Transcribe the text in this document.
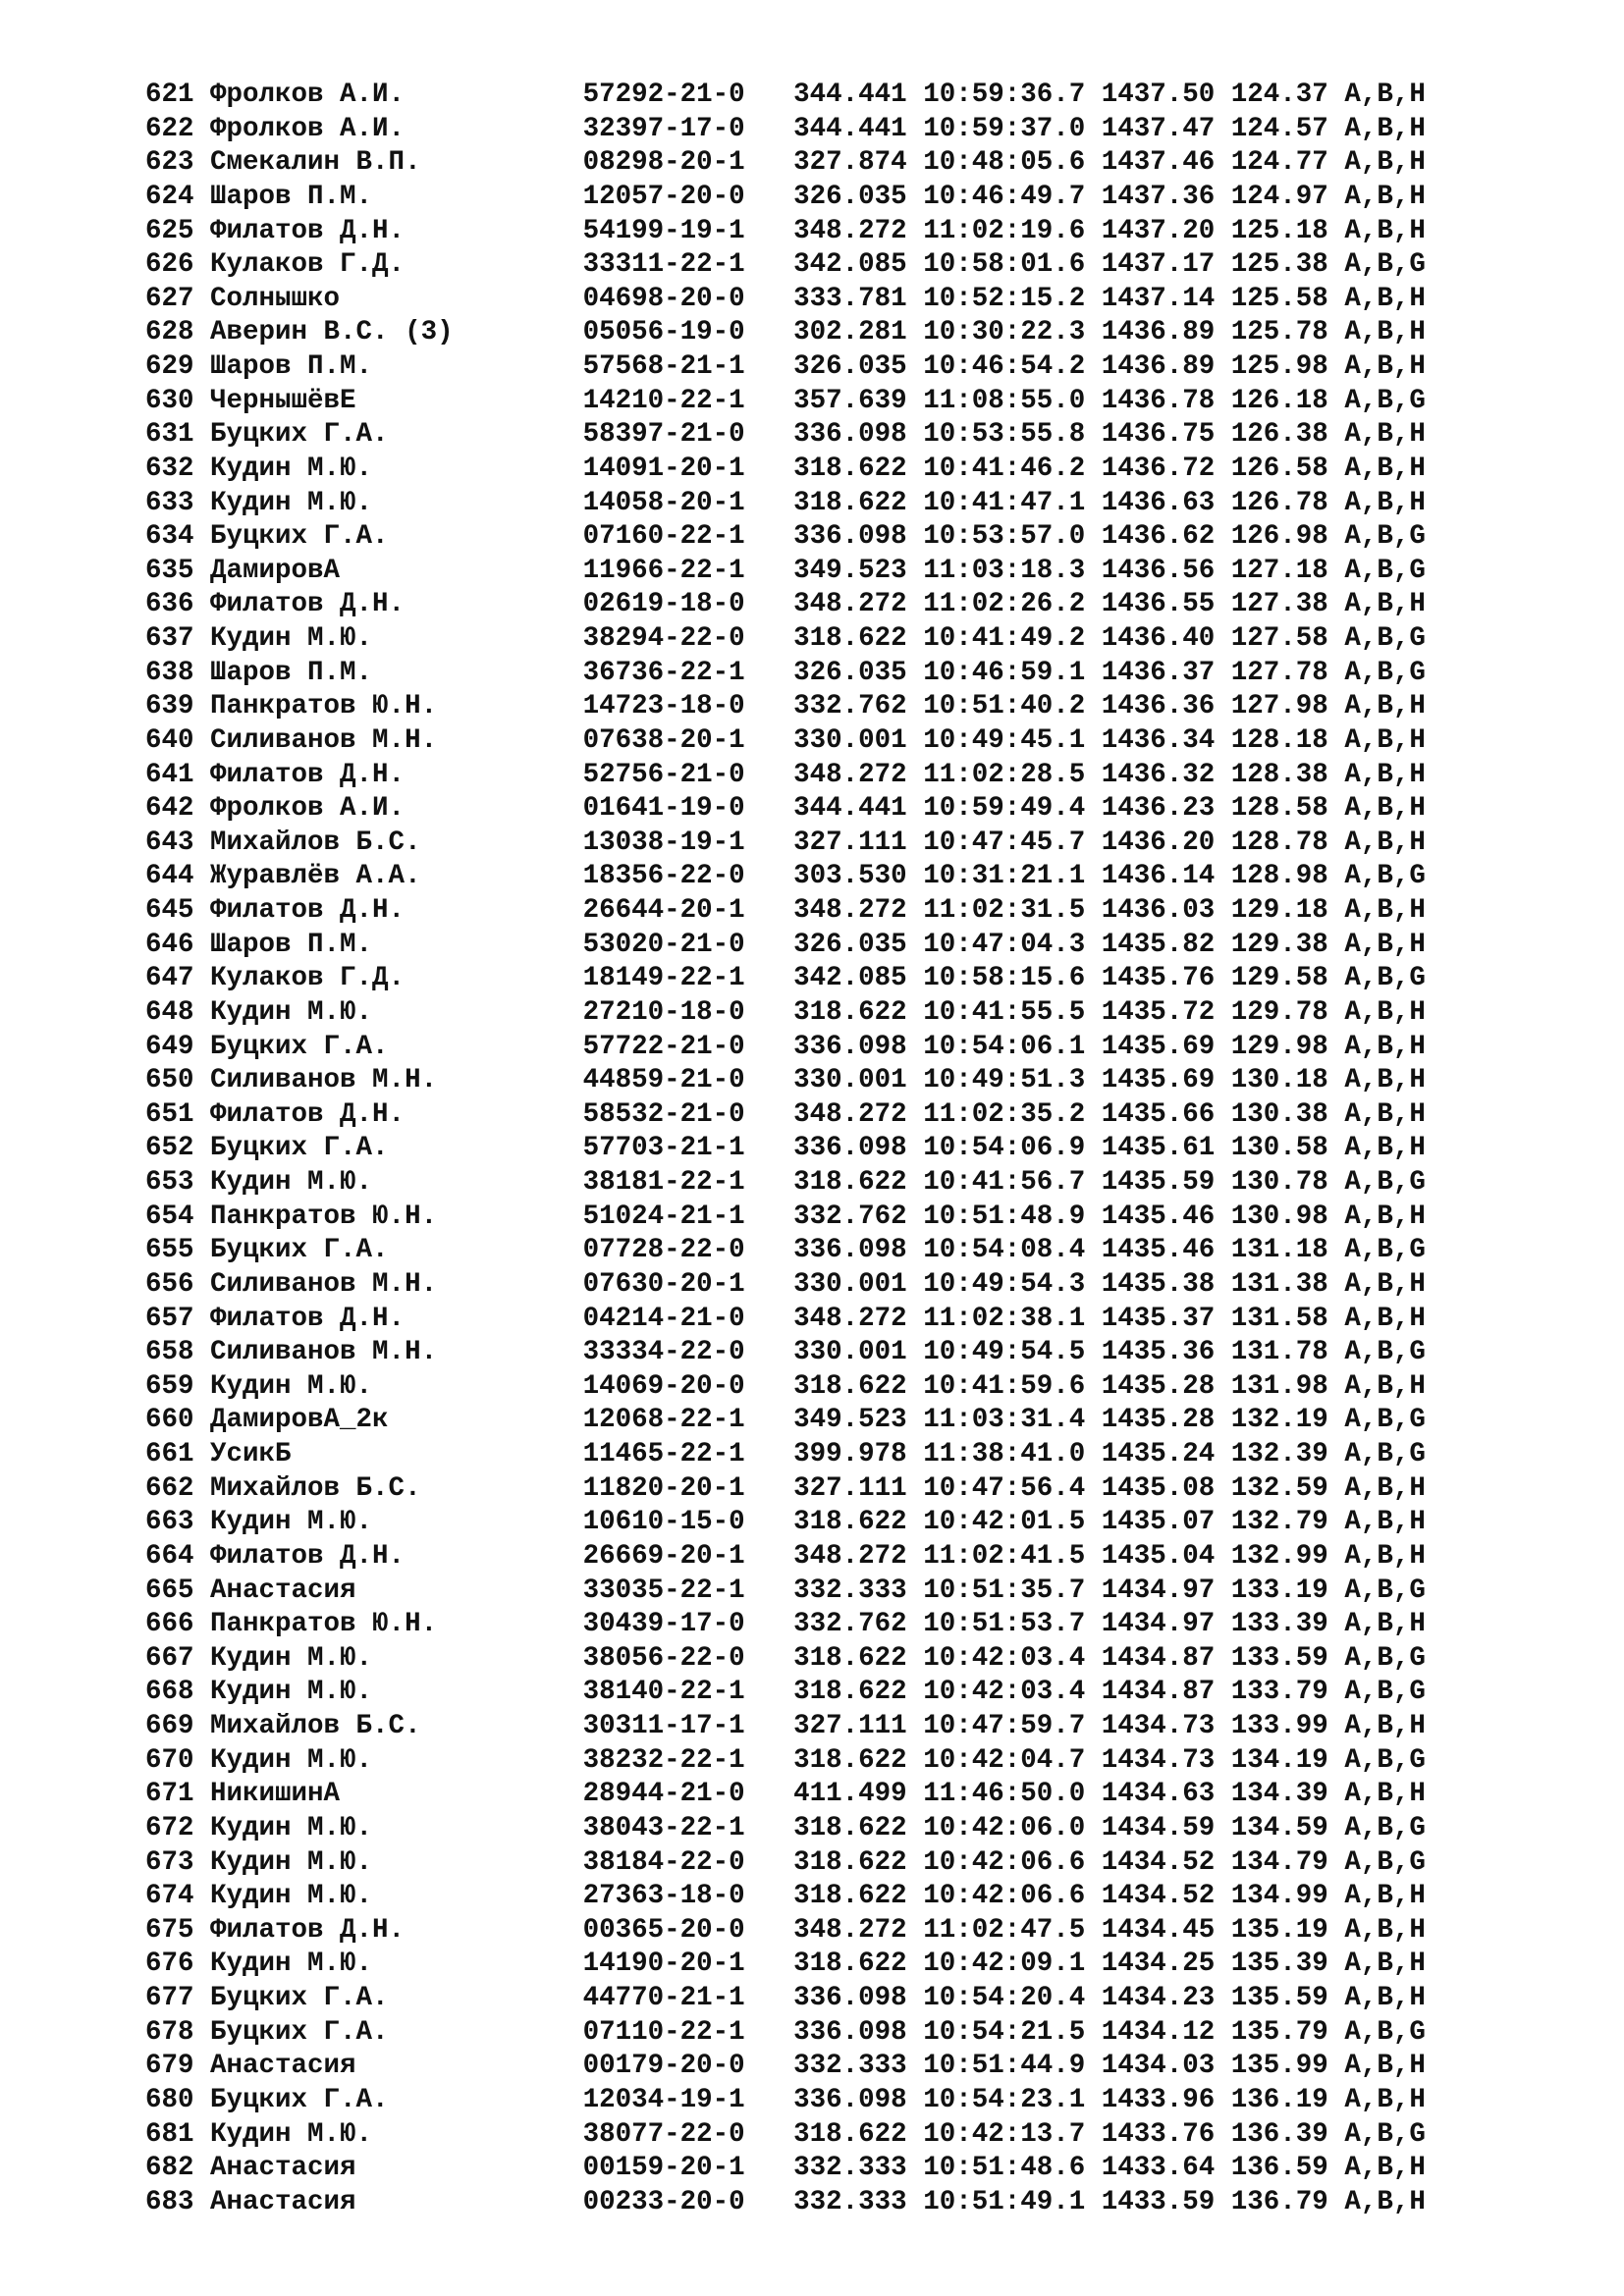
621 Фролков А.И.	57292-21-0 344.441 10:59:36.7 1437.50 124.37 A,B,H
622 Фролков А.И.	32397-17-0 344.441 10:59:37.0 1437.47 124.57 A,B,H
623 Смекалин В.П.	08298-20-1 327.874 10:48:05.6 1437.46 124.77 A,B,H
624 Шаров П.М.	12057-20-0 326.035 10:46:49.7 1437.36 124.97 A,B,H
625 Филатов Д.Н.	54199-19-1 348.272 11:02:19.6 1437.20 125.18 A,B,H
626 Кулаков Г.Д.	33311-22-1 342.085 10:58:01.6 1437.17 125.38 A,B,G
627 Солнышко	04698-20-0 333.781 10:52:15.2 1437.14 125.58 A,B,H
628 Аверин В.С. (3)	05056-19-0 302.281 10:30:22.3 1436.89 125.78 A,B,H
629 Шаров П.М.	57568-21-1 326.035 10:46:54.2 1436.89 125.98 A,B,H
630 ЧернышёвЕ	14210-22-1 357.639 11:08:55.0 1436.78 126.18 A,B,G
631 Буцких Г.А.	58397-21-0 336.098 10:53:55.8 1436.75 126.38 A,B,H
632 Кудин М.Ю.	14091-20-1 318.622 10:41:46.2 1436.72 126.58 A,B,H
633 Кудин М.Ю.	14058-20-1 318.622 10:41:47.1 1436.63 126.78 A,B,H
634 Буцких Г.А.	07160-22-1 336.098 10:53:57.0 1436.62 126.98 A,B,G
635 ДамировА	11966-22-1 349.523 11:03:18.3 1436.56 127.18 A,B,G
636 Филатов Д.Н.	02619-18-0 348.272 11:02:26.2 1436.55 127.38 A,B,H
637 Кудин М.Ю.	38294-22-0 318.622 10:41:49.2 1436.40 127.58 A,B,G
638 Шаров П.М.	36736-22-1 326.035 10:46:59.1 1436.37 127.78 A,B,G
639 Панкратов Ю.Н.	14723-18-0 332.762 10:51:40.2 1436.36 127.98 A,B,H
640 Силиванов М.Н.	07638-20-1 330.001 10:49:45.1 1436.34 128.18 A,B,H
641 Филатов Д.Н.	52756-21-0 348.272 11:02:28.5 1436.32 128.38 A,B,H
642 Фролков А.И.	01641-19-0 344.441 10:59:49.4 1436.23 128.58 A,B,H
643 Михайлов Б.С.	13038-19-1 327.111 10:47:45.7 1436.20 128.78 A,B,H
644 Журавлёв А.А.	18356-22-0 303.530 10:31:21.1 1436.14 128.98 A,B,G
645 Филатов Д.Н.	26644-20-1 348.272 11:02:31.5 1436.03 129.18 A,B,H
646 Шаров П.М.	53020-21-0 326.035 10:47:04.3 1435.82 129.38 A,B,H
647 Кулаков Г.Д.	18149-22-1 342.085 10:58:15.6 1435.76 129.58 A,B,G
648 Кудин М.Ю.	27210-18-0 318.622 10:41:55.5 1435.72 129.78 A,B,H
649 Буцких Г.А.	57722-21-0 336.098 10:54:06.1 1435.69 129.98 A,B,H
650 Силиванов М.Н.	44859-21-0 330.001 10:49:51.3 1435.69 130.18 A,B,H
651 Филатов Д.Н.	58532-21-0 348.272 11:02:35.2 1435.66 130.38 A,B,H
652 Буцких Г.А.	57703-21-1 336.098 10:54:06.9 1435.61 130.58 A,B,H
653 Кудин М.Ю.	38181-22-1 318.622 10:41:56.7 1435.59 130.78 A,B,G
654 Панкратов Ю.Н.	51024-21-1 332.762 10:51:48.9 1435.46 130.98 A,B,H
655 Буцких Г.А.	07728-22-0 336.098 10:54:08.4 1435.46 131.18 A,B,G
656 Силиванов М.Н.	07630-20-1 330.001 10:49:54.3 1435.38 131.38 A,B,H
657 Филатов Д.Н.	04214-21-0 348.272 11:02:38.1 1435.37 131.58 A,B,H
658 Силиванов М.Н.	33334-22-0 330.001 10:49:54.5 1435.36 131.78 A,B,G
659 Кудин М.Ю.	14069-20-0 318.622 10:41:59.6 1435.28 131.98 A,B,H
660 ДамировА_2к	12068-22-1 349.523 11:03:31.4 1435.28 132.19 A,B,G
661 УсикБ	11465-22-1 399.978 11:38:41.0 1435.24 132.39 A,B,G
662 Михайлов Б.С.	11820-20-1 327.111 10:47:56.4 1435.08 132.59 A,B,H
663 Кудин М.Ю.	10610-15-0 318.622 10:42:01.5 1435.07 132.79 A,B,H
664 Филатов Д.Н.	26669-20-1 348.272 11:02:41.5 1435.04 132.99 A,B,H
665 Анастасия	33035-22-1 332.333 10:51:35.7 1434.97 133.19 A,B,G
666 Панкратов Ю.Н.	30439-17-0 332.762 10:51:53.7 1434.97 133.39 A,B,H
667 Кудин М.Ю.	38056-22-0 318.622 10:42:03.4 1434.87 133.59 A,B,G
668 Кудин М.Ю.	38140-22-1 318.622 10:42:03.4 1434.87 133.79 A,B,G
669 Михайлов Б.С.	30311-17-1 327.111 10:47:59.7 1434.73 133.99 A,B,H
670 Кудин М.Ю.	38232-22-1 318.622 10:42:04.7 1434.73 134.19 A,B,G
671 НикишинА	28944-21-0 411.499 11:46:50.0 1434.63 134.39 A,B,H
672 Кудин М.Ю.	38043-22-1 318.622 10:42:06.0 1434.59 134.59 A,B,G
673 Кудин М.Ю.	38184-22-0 318.622 10:42:06.6 1434.52 134.79 A,B,G
674 Кудин М.Ю.	27363-18-0 318.622 10:42:06.6 1434.52 134.99 A,B,H
675 Филатов Д.Н.	00365-20-0 348.272 11:02:47.5 1434.45 135.19 A,B,H
676 Кудин М.Ю.	14190-20-1 318.622 10:42:09.1 1434.25 135.39 A,B,H
677 Буцких Г.А.	44770-21-1 336.098 10:54:20.4 1434.23 135.59 A,B,H
678 Буцких Г.А.	07110-22-1 336.098 10:54:21.5 1434.12 135.79 A,B,G
679 Анастасия	00179-20-0 332.333 10:51:44.9 1434.03 135.99 A,B,H
680 Буцких Г.А.	12034-19-1 336.098 10:54:23.1 1433.96 136.19 A,B,H
681 Кудин М.Ю.	38077-22-0 318.622 10:42:13.7 1433.76 136.39 A,B,G
682 Анастасия	00159-20-1 332.333 10:51:48.6 1433.64 136.59 A,B,H
683 Анастасия	00233-20-0 332.333 10:51:49.1 1433.59 136.79 A,B,H
